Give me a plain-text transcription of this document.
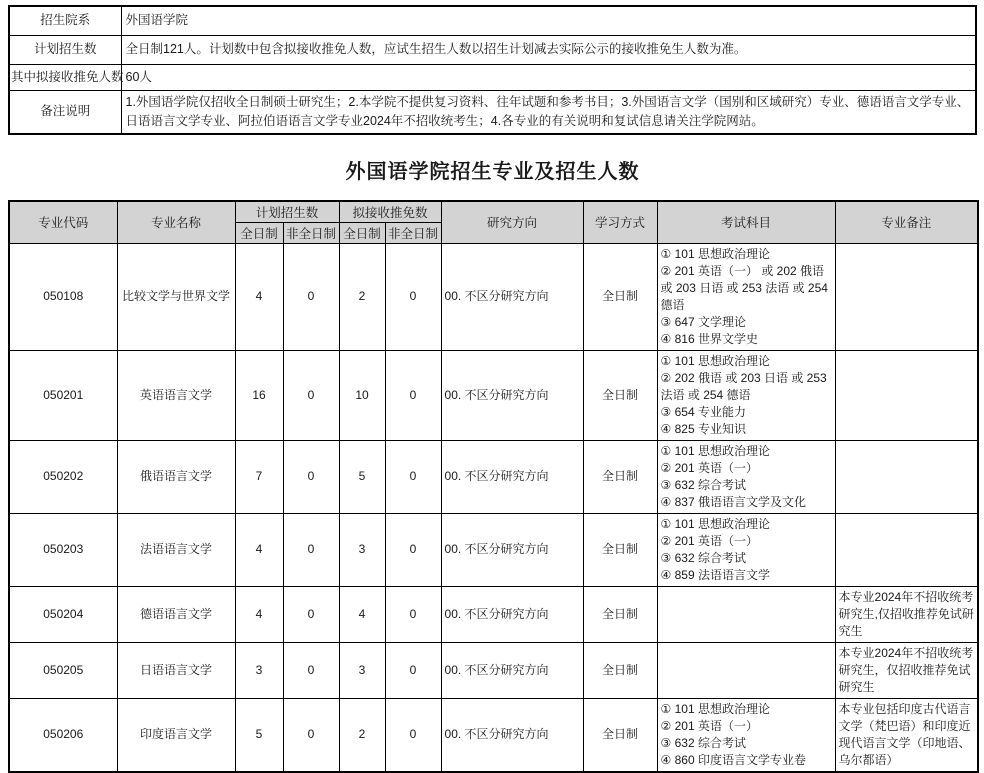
招生院系	外国语学院
计划招生数	全日制121人。计划数中包含拟接收推免人数，应试生招生人数以招生计划减去实际公示的接收推免生人数为准。
其中拟接收推免人数	60人
备注说明	1.外国语学院仅招收全日制硕士研究生；2.本学院不提供复习资料、往年试题和参考书目；3.外国语言文学（国别和区域研究）专业、德语语言文学专业、日语语言文学专业、阿拉伯语语言文学专业2024年不招收统考生；4.各专业的有关说明和复试信息请关注学院网站。
外国语学院招生专业及招生人数
专业代码	专业名称	计划招生数		拟接收推免数		研究方向	学习方式	考试科目	专业备注
		全日制	非全日制	全日制	非全日制				
050108	比较文学与世界文学	4	0	2	0	00. 不区分研究方向	全日制	① 101 思想政治理论
② 201 英语（一） 或 202 俄语 或 203 日语 或 253 法语 或 254 德语
③ 647 文学理论
④ 816 世界文学史	

050201	英语语言文学	16	0	10	0	00. 不区分研究方向	全日制	① 101 思想政治理论
② 202 俄语 或 203 日语 或 253 法语 或 254 德语
③ 654 专业能力
④ 825 专业知识	

050202	俄语语言文学	7	0	5	0	00. 不区分研究方向	全日制	① 101 思想政治理论
② 201 英语（一）
③ 632 综合考试
④ 837 俄语语言文学及文化	

050203	法语语言文学	4	0	3	0	00. 不区分研究方向	全日制	① 101 思想政治理论
② 201 英语（一）
③ 632 综合考试
④ 859 法语语言文学	

050204	德语语言文学	4	0	4	0	00. 不区分研究方向	全日制		本专业2024年不招收统考研究生,仅招收推荐免试研究生
050205	日语语言文学	3	0	3	0	00. 不区分研究方向	全日制		本专业2024年不招收统考研究生，仅招收推荐免试研究生
050206	印度语言文学	5	0	2	0	00. 不区分研究方向	全日制	① 101 思想政治理论
② 201 英语（一）
③ 632 综合考试
④ 860 印度语言文学专业卷	本专业包括印度古代语言文学（梵巴语）和印度近现代语言文学（印地语、乌尔都语）
